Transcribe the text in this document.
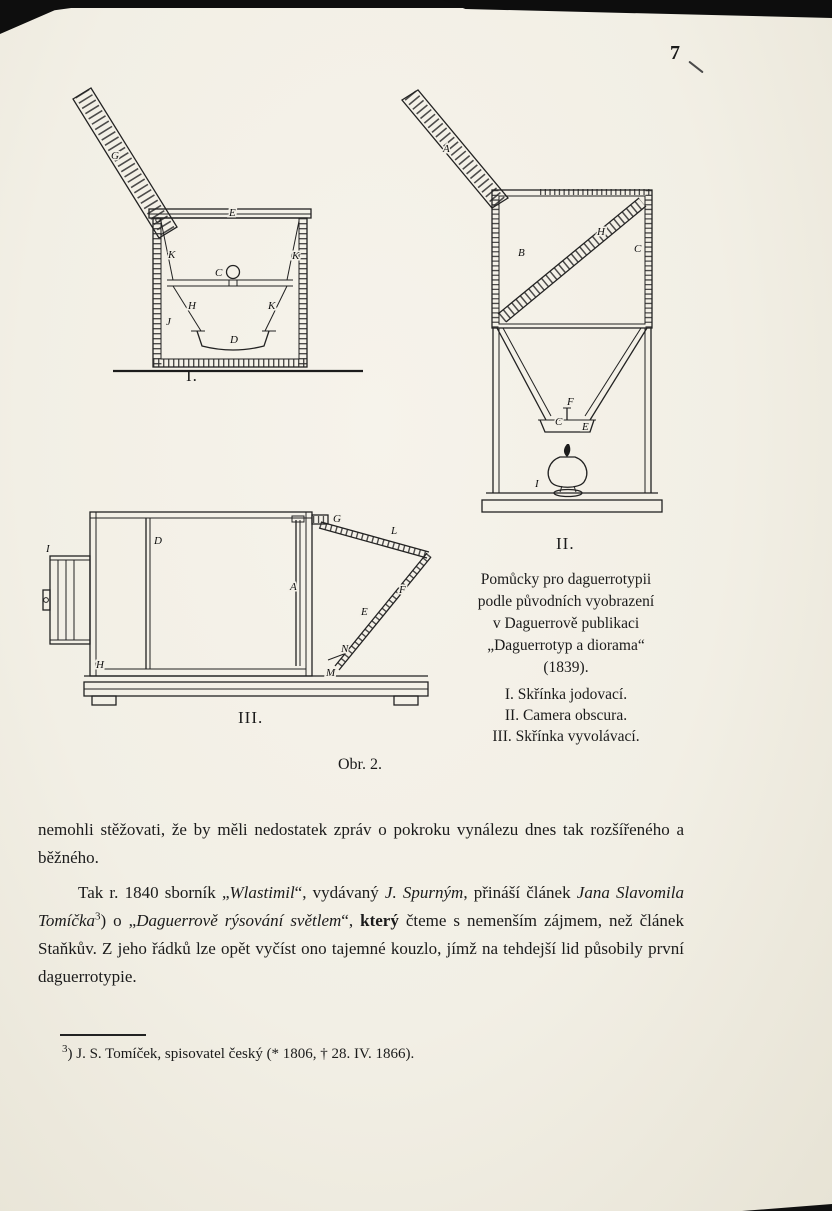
7
G
E
K	K
C
H	K
J
D
I.
A
B
H
C
F
C E
I
II.
I
D
A
G
L
F
E
N
M
H
III.
Pomůcky pro daguerrotypii
podle původních vyobrazení
v Daguerrově publikaci
„Daguerrotyp a diorama“
(1839).
I. Skřínka jodovací.
II. Camera obscura.
III. Skřínka vyvolávací.
Obr. 2.

nemohli stěžovati, že by měli nedostatek zpráv o pokroku vynálezu dnes tak rozšířeného a běžného.

Tak r. 1840 sborník „Wlastimil“, vydávaný J. Spurným, přináší článek Jana Slavomila Tomíčka$^3$) o „Daguerrově rýsování světlem“, který čteme s nemenším zájmem, než článek Staňkův. Z jeho řádků lze opět vyčíst ono tajemné kouzlo, jímž na tehdejší lid působily první daguerrotypie.

$^3$) J. S. Tomíček, spisovatel český (* 1806, † 28. IV. 1866).
